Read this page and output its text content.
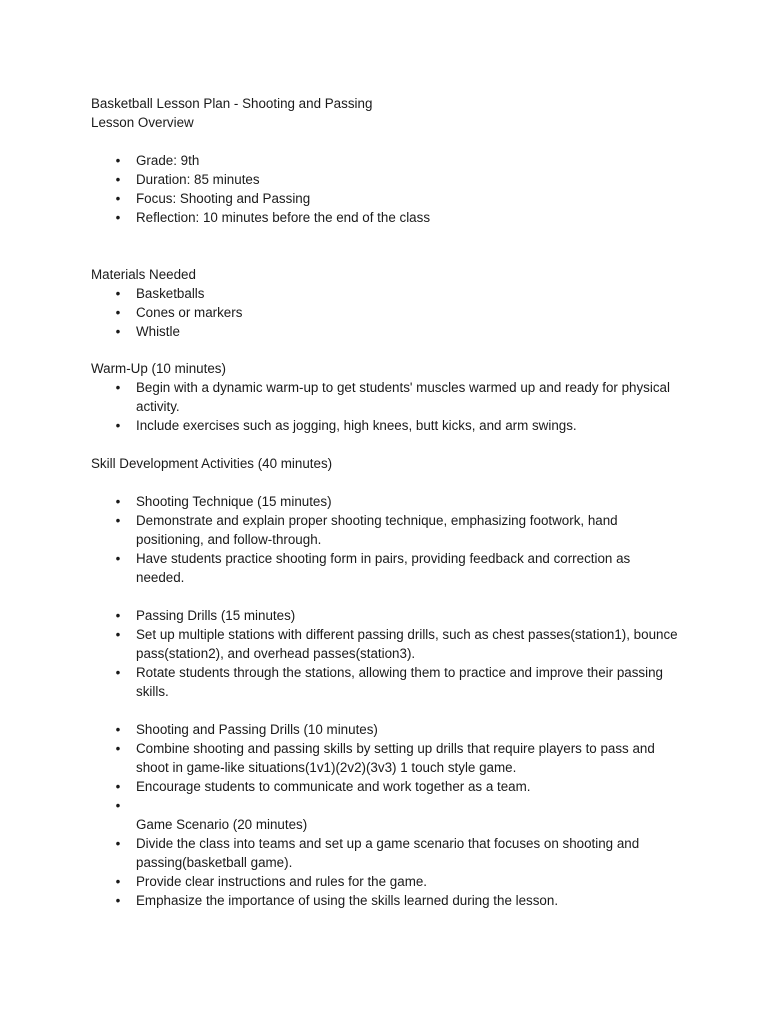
Basketball Lesson Plan - Shooting and Passing
Lesson Overview
• Grade: 9th
• Duration: 85 minutes
• Focus: Shooting and Passing
• Reflection: 10 minutes before the end of the class
Materials Needed
• Basketballs
• Cones or markers
• Whistle
Warm-Up (10 minutes)
• Begin with a dynamic warm-up to get students' muscles warmed up and ready for physical activity.
• Include exercises such as jogging, high knees, butt kicks, and arm swings.
Skill Development Activities (40 minutes)
• Shooting Technique (15 minutes)
• Demonstrate and explain proper shooting technique, emphasizing footwork, hand positioning, and follow-through.
• Have students practice shooting form in pairs, providing feedback and correction as needed.
• Passing Drills (15 minutes)
• Set up multiple stations with different passing drills, such as chest passes(station1), bounce pass(station2), and overhead passes(station3).
• Rotate students through the stations, allowing them to practice and improve their passing skills.
• Shooting and Passing Drills (10 minutes)
• Combine shooting and passing skills by setting up drills that require players to pass and shoot in game-like situations(1v1)(2v2)(3v3) 1 touch style game.
• Encourage students to communicate and work together as a team.
•
Game Scenario (20 minutes)
• Divide the class into teams and set up a game scenario that focuses on shooting and passing(basketball game).
• Provide clear instructions and rules for the game.
• Emphasize the importance of using the skills learned during the lesson.
